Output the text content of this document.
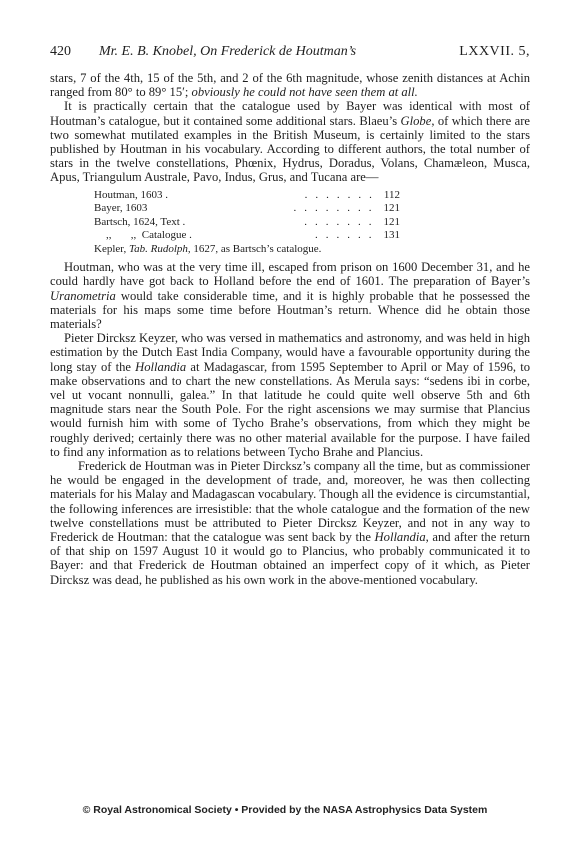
420 Mr. E. B. Knobel, On Frederick de Houtman’s	LXXVII. 5,

stars, 7 of the 4th, 15 of the 5th, and 2 of the 6th magnitude, whose zenith distances at Achin ranged from 80° to 89° 15′; obviously he could not have seen them at all.

It is practically certain that the catalogue used by Bayer was identical with most of Houtman’s catalogue, but it contained some additional stars. Blaeu’s Globe, of which there are two somewhat mutilated examples in the British Museum, is certainly limited to the stars published by Houtman in his vocabulary. According to different authors, the total number of stars in the twelve constellations, Phœnix, Hydrus, Doradus, Volans, Chamæleon, Musca, Apus, Triangulum Australe, Pavo, Indus, Grus, and Tucana are—

Houtman, 1603 .	....... 112
Bayer, 1603	........ 121
Bartsch, 1624, Text .	....... 121
,,       ,,  Catalogue .	...... 131
Kepler, Tab. Rudolph, 1627, as Bartsch’s catalogue.

Houtman, who was at the very time ill, escaped from prison on 1600 December 31, and he could hardly have got back to Holland before the end of 1601. The preparation of Bayer’s Uranometria would take considerable time, and it is highly probable that he possessed the materials for his maps some time before Houtman’s return. Whence did he obtain those materials?

Pieter Dircksz Keyzer, who was versed in mathematics and astronomy, and was held in high estimation by the Dutch East India Company, would have a favourable opportunity during the long stay of the Hollandia at Madagascar, from 1595 September to April or May of 1596, to make observations and to chart the new constellations. As Merula says: “sedens ibi in corbe, vel ut vocant nonnulli, galea.” In that latitude he could quite well observe 5th and 6th magnitude stars near the South Pole. For the right ascensions we may surmise that Plancius would furnish him with some of Tycho Brahe’s observations, from which they might be roughly derived; certainly there was no other material available for the purpose. I have failed to find any information as to relations between Tycho Brahe and Plancius.

Frederick de Houtman was in Pieter Dircksz’s company all the time, but as commissioner he would be engaged in the development of trade, and, moreover, he was then collecting materials for his Malay and Madagascan vocabulary. Though all the evidence is circumstantial, the following inferences are irresistible: that the whole catalogue and the formation of the new twelve constellations must be attributed to Pieter Dircksz Keyzer, and not in any way to Frederick de Houtman: that the catalogue was sent back by the Hollandia, and after the return of that ship on 1597 August 10 it would go to Plancius, who probably communicated it to Bayer: and that Frederick de Houtman obtained an imperfect copy of it which, as Pieter Dircksz was dead, he published as his own work in the above-mentioned vocabulary.

© Royal Astronomical Society • Provided by the NASA Astrophysics Data System
